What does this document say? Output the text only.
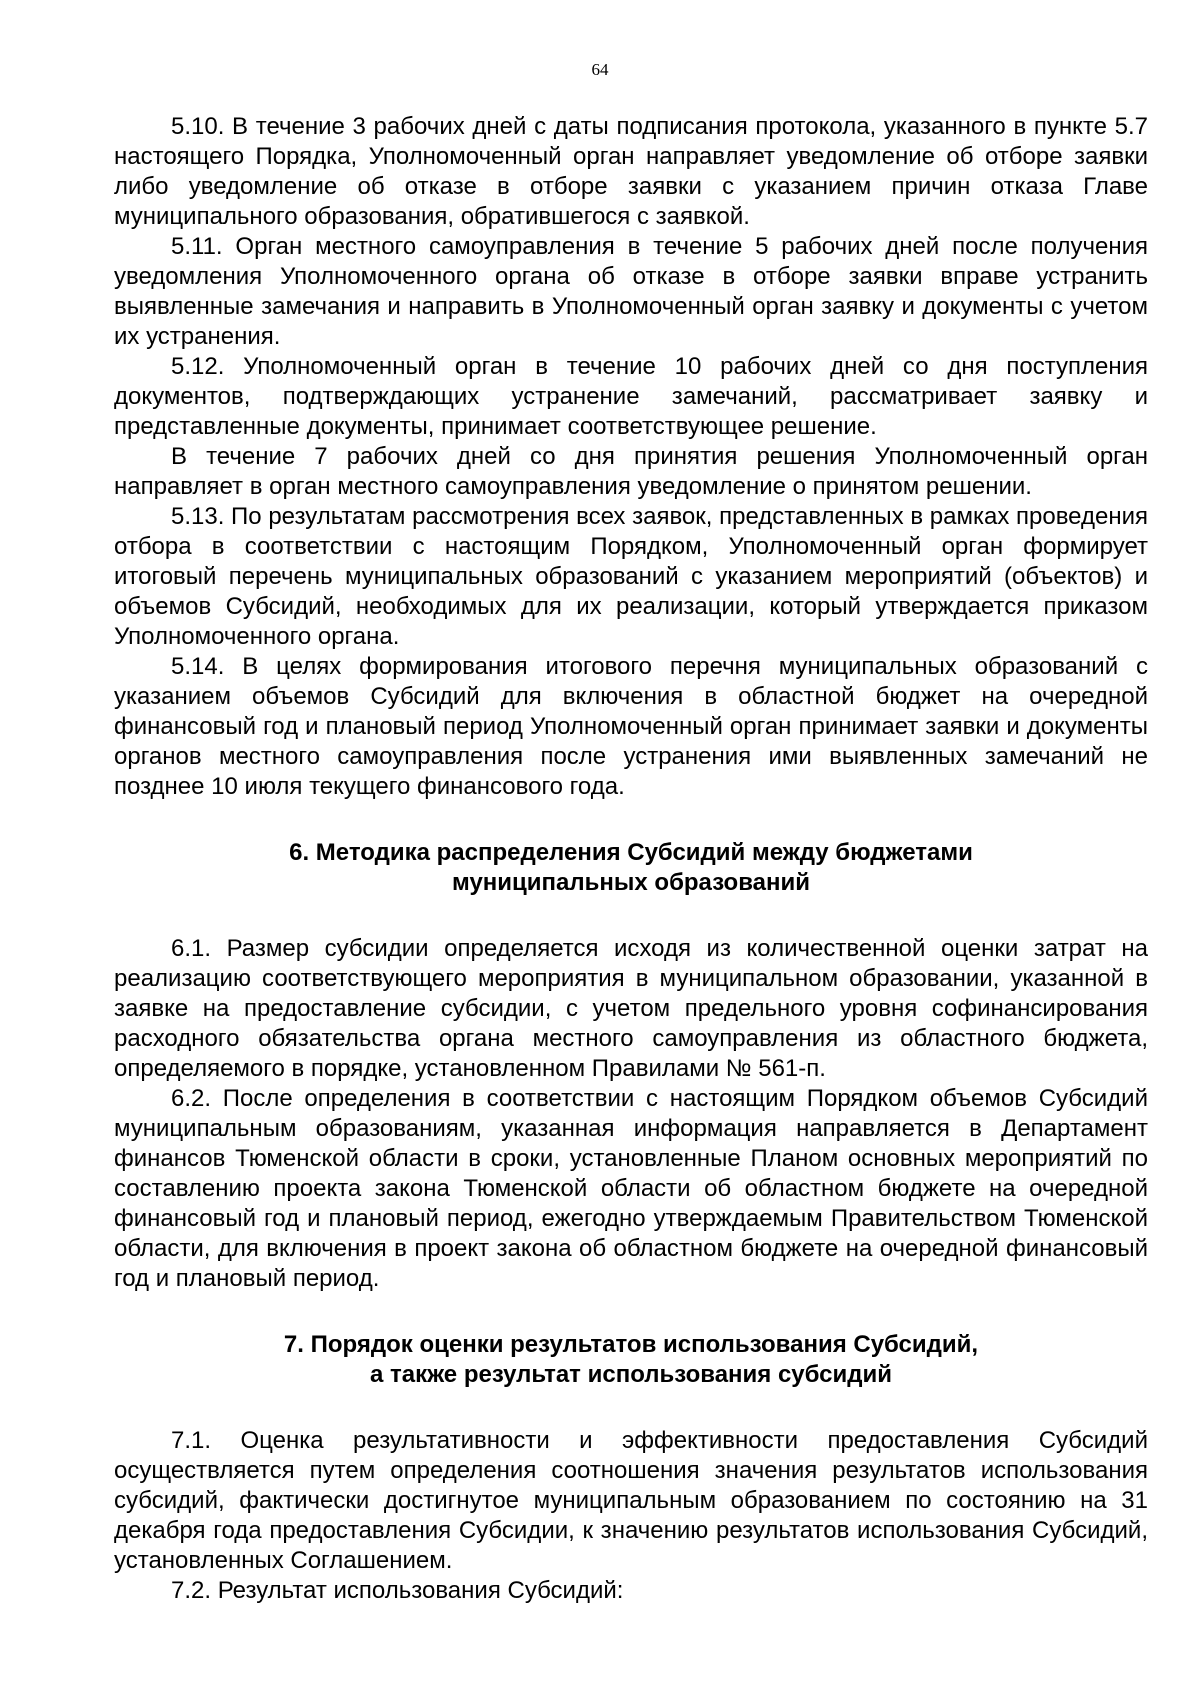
64

5.10. В течение 3 рабочих дней с даты подписания протокола, указанного в пункте 5.7 настоящего Порядка, Уполномоченный орган направляет уведомление об отборе заявки либо уведомление об отказе в отборе заявки с указанием причин отказа Главе муниципального образования, обратившегося с заявкой.

5.11. Орган местного самоуправления в течение 5 рабочих дней после получения уведомления Уполномоченного органа об отказе в отборе заявки вправе устранить выявленные замечания и направить в Уполномоченный орган заявку и документы с учетом их устранения.

5.12. Уполномоченный орган в течение 10 рабочих дней со дня поступления документов, подтверждающих устранение замечаний, рассматривает заявку и представленные документы, принимает соответствующее решение.

В течение 7 рабочих дней со дня принятия решения Уполномоченный орган направляет в орган местного самоуправления уведомление о принятом решении.

5.13. По результатам рассмотрения всех заявок, представленных в рамках проведения отбора в соответствии с настоящим Порядком, Уполномоченный орган формирует итоговый перечень муниципальных образований с указанием мероприятий (объектов) и объемов Субсидий, необходимых для их реализации, который утверждается приказом Уполномоченного органа.

5.14. В целях формирования итогового перечня муниципальных образований с указанием объемов Субсидий для включения в областной бюджет на очередной финансовый год и плановый период Уполномоченный орган принимает заявки и документы органов местного самоуправления после устранения ими выявленных замечаний не позднее 10 июля текущего финансового года.

6. Методика распределения Субсидий между бюджетами
муниципальных образований

6.1. Размер субсидии определяется исходя из количественной оценки затрат на реализацию соответствующего мероприятия в муниципальном образовании, указанной в заявке на предоставление субсидии, с учетом предельного уровня софинансирования расходного обязательства органа местного самоуправления из областного бюджета, определяемого в порядке, установленном Правилами № 561-п.

6.2. После определения в соответствии с настоящим Порядком объемов Субсидий муниципальным образованиям, указанная информация направляется в Департамент финансов Тюменской области в сроки, установленные Планом основных мероприятий по составлению проекта закона Тюменской области об областном бюджете на очередной финансовый год и плановый период, ежегодно утверждаемым Правительством Тюменской области, для включения в проект закона об областном бюджете на очередной финансовый год и плановый период.

7. Порядок оценки результатов использования Субсидий,
а также результат использования субсидий

7.1. Оценка результативности и эффективности предоставления Субсидий осуществляется путем определения соотношения значения результатов использования субсидий, фактически достигнутое муниципальным образованием по состоянию на 31 декабря года предоставления Субсидии, к значению результатов использования Субсидий, установленных Соглашением.

7.2. Результат использования Субсидий:
